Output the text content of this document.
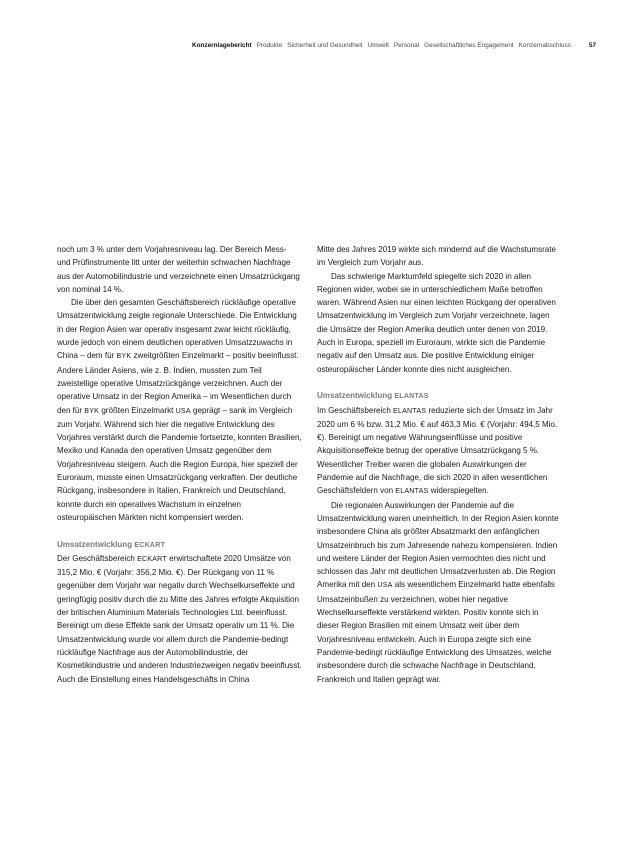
Konzernlagebericht Produkte Sicherheit und Gesundheit Umwelt Personal Gesellschaftliches Engagement Konzernabschluss	57

noch um 3 % unter dem Vorjahresniveau lag. Der Bereich Mess- und Prüfinstrumente litt unter der weiterhin schwachen Nachfrage aus der Automobilindustrie und verzeichnete einen Umsatzrückgang von nominal 14 %.

Die über den gesamten Geschäftsbereich rückläufige operative Umsatzentwicklung zeigte regionale Unterschiede. Die Entwicklung in der Region Asien war operativ insgesamt zwar leicht rückläufig, wurde jedoch von einem deutlichen operativen Umsatzzuwachs in China – dem für BYK zweitgrößten Einzelmarkt – positiv beeinflusst. Andere Länder Asiens, wie z. B. Indien, mussten zum Teil zweistellige operative Umsatzrückgänge verzeichnen. Auch der operative Umsatz in der Region Amerika – im Wesentlichen durch den für BYK größten Einzelmarkt USA geprägt – sank im Vergleich zum Vorjahr. Während sich hier die negative Entwicklung des Vorjahres verstärkt durch die Pandemie fortsetzte, konnten Brasilien, Mexiko und Kanada den operativen Umsatz gegenüber dem Vorjahresniveau steigern. Auch die Region Europa, hier speziell der Euroraum, musste einen Umsatzrückgang verkraften. Der deutliche Rückgang, insbesondere in Italien, Frankreich und Deutschland, konnte durch ein operatives Wachstum in einzelnen osteuropäischen Märkten nicht kompensiert werden.

Umsatzentwicklung ECKART

Der Geschäftsbereich ECKART erwirtschaftete 2020 Umsätze von 315,2 Mio. € (Vorjahr: 356,2 Mio. €). Der Rückgang von 11 % gegenüber dem Vorjahr war negativ durch Wechselkurseffekte und geringfügig positiv durch die zu Mitte des Jahres erfolgte Akquisition der britischen Aluminium Materials Technologies Ltd. beeinflusst. Bereinigt um diese Effekte sank der Umsatz operativ um 11 %. Die Umsatzentwicklung wurde vor allem durch die Pandemie-bedingt rückläufige Nachfrage aus der Automobilindustrie, der Kosmetikindustrie und anderen Industriezweigen negativ beeinflusst. Auch die Einstellung eines Handelsgeschäfts in China

Mitte des Jahres 2019 wirkte sich mindernd auf die Wachstumsrate im Vergleich zum Vorjahr aus.

Das schwierige Marktumfeld spiegelte sich 2020 in allen Regionen wider, wobei sie in unterschiedlichem Maße betroffen waren. Während Asien nur einen leichten Rückgang der operativen Umsatzentwicklung im Vergleich zum Vorjahr verzeichnete, lagen die Umsätze der Region Amerika deutlich unter denen von 2019. Auch in Europa, speziell im Euroraum, wirkte sich die Pandemie negativ auf den Umsatz aus. Die positive Entwicklung einiger osteuropäischer Länder konnte dies nicht ausgleichen.

Umsatzentwicklung ELANTAS

Im Geschäftsbereich ELANTAS reduzierte sich der Umsatz im Jahr 2020 um 6 % bzw. 31,2 Mio. € auf 463,3 Mio. € (Vorjahr: 494,5 Mio. €). Bereinigt um negative Währungseinflüsse und positive Akquisitionseffekte betrug der operative Umsatzrückgang 5 %. Wesentlicher Treiber waren die globalen Auswirkungen der Pandemie auf die Nachfrage, die sich 2020 in allen wesentlichen Geschäftsfeldern von ELANTAS widerspiegelten.

Die regionalen Auswirkungen der Pandemie auf die Umsatzentwicklung waren uneinheitlich. In der Region Asien konnte insbesondere China als größter Absatzmarkt den anfänglichen Umsatzeinbruch bis zum Jahresende nahezu kompensieren. Indien und weitere Länder der Region Asien vermochten dies nicht und schlossen das Jahr mit deutlichen Umsatzverlusten ab. Die Region Amerika mit den USA als wesentlichem Einzelmarkt hatte ebenfalls Umsatzeinbußen zu verzeichnen, wobei hier negative Wechselkurseffekte verstärkend wirkten. Positiv konnte sich in dieser Region Brasilien mit einem Umsatz weit über dem Vorjahresniveau entwickeln. Auch in Europa zeigte sich eine Pandemie-bedingt rückläufige Entwicklung des Umsatzes, welche insbesondere durch die schwache Nachfrage in Deutschland, Frankreich und Italien geprägt war.
